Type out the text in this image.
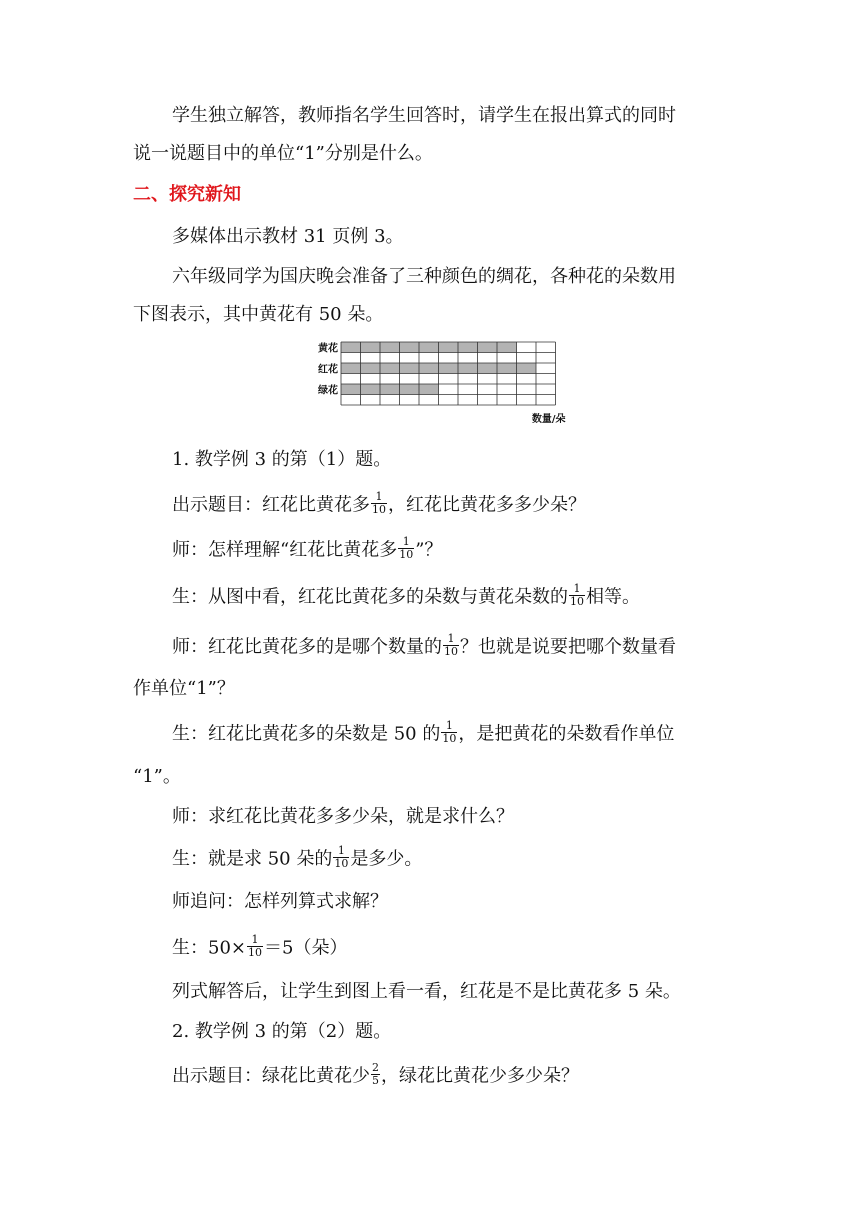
学生独立解答，教师指名学生回答时，请学生在报出算式的同时
说一说题目中的单位“1”分别是什么。
二、探究新知
多媒体出示教材 31 页例 3。
六年级同学为国庆晚会准备了三种颜色的绸花，各种花的朵数用
下图表示，其中黄花有 50 朵。
黄花
红花
绿花
数量/朵
1. 教学例 3 的第（1）题。
出示题目：红花比黄花多 $\frac{1}{10}$ ，红花比黄花多多少朵？
师：怎样理解“红花比黄花多 $\frac{1}{10}$ ”？
生：从图中看，红花比黄花多的朵数与黄花朵数的 $\frac{1}{10}$ 相等。
师：红花比黄花多的是哪个数量的 $\frac{1}{10}$ ？也就是说要把哪个数量看
作单位“1”？
生：红花比黄花多的朵数是 50 的 $\frac{1}{10}$ ，是把黄花的朵数看作单位
“1”。
师：求红花比黄花多多少朵，就是求什么？
生：就是求 50 朵的 $\frac{1}{10}$ 是多少。
师追问：怎样列算式求解？
生：$50\times \frac{1}{10} =5$（朵）
列式解答后，让学生到图上看一看，红花是不是比黄花多 5 朵。
2. 教学例 3 的第（2）题。
出示题目：绿花比黄花少 $\frac{2}{5}$ ，绿花比黄花少多少朵？
